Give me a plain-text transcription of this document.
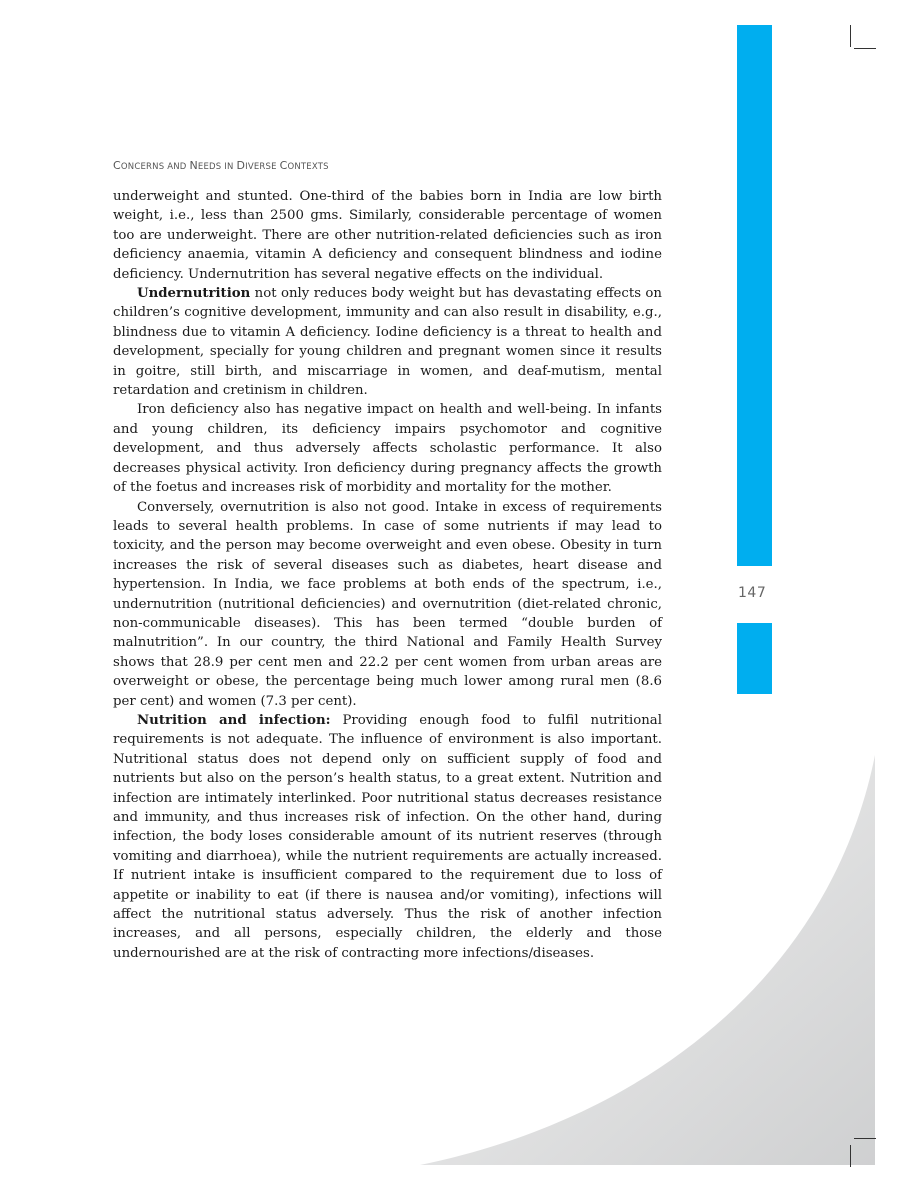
147
CONCERNS AND NEEDS IN DIVERSE CONTEXTS

underweight and stunted. One-third of the babies born in India are low birth weight, i.e., less than 2500 gms. Similarly, considerable percentage of women too are underweight. There are other nutrition-related deficiencies such as iron deficiency anaemia, vitamin A deficiency and consequent blindness and iodine deficiency. Undernutrition has several negative effects on the individual.

Undernutrition not only reduces body weight but has devastating effects on children’s cognitive development, immunity and can also result in disability, e.g., blindness due to vitamin A deficiency. Iodine deficiency is a threat to health and development, specially for young children and pregnant women since it results in goitre, still birth, and miscarriage in women, and deaf-mutism, mental retardation and cretinism in children.

Iron deficiency also has negative impact on health and well-being. In infants and young children, its deficiency impairs psychomotor and cognitive development, and thus adversely affects scholastic performance. It also decreases physical activity. Iron deficiency during pregnancy affects the growth of the foetus and increases risk of morbidity and mortality for the mother.

Conversely, overnutrition is also not good. Intake in excess of requirements leads to several health problems. In case of some nutrients if may lead to toxicity, and the person may become overweight and even obese. Obesity in turn increases the risk of several diseases such as diabetes, heart disease and hypertension. In India, we face problems at both ends of the spectrum, i.e., undernutrition (nutritional deficiencies) and overnutrition (diet-related chronic, non-communicable diseases). This has been termed “double burden of malnutrition”. In our country, the third National and Family Health Survey shows that 28.9 per cent men and 22.2 per cent women from urban areas are overweight or obese, the percentage being much lower among rural men (8.6 per cent) and women (7.3 per cent).

Nutrition and infection: Providing enough food to fulfil nutritional requirements is not adequate. The influence of environment is also important. Nutritional status does not depend only on sufficient supply of food and nutrients but also on the person’s health status, to a great extent. Nutrition and infection are intimately interlinked. Poor nutritional status decreases resistance and immunity, and thus increases risk of infection. On the other hand, during infection, the body loses considerable amount of its nutrient reserves (through vomiting and diarrhoea), while the nutrient requirements are actually increased. If nutrient intake is insufficient compared to the requirement due to loss of appetite or inability to eat (if there is nausea and/or vomiting), infections will affect the nutritional status adversely. Thus the risk of another infection increases, and all persons, especially children, the elderly and those undernourished are at the risk of contracting more infections/diseases.
